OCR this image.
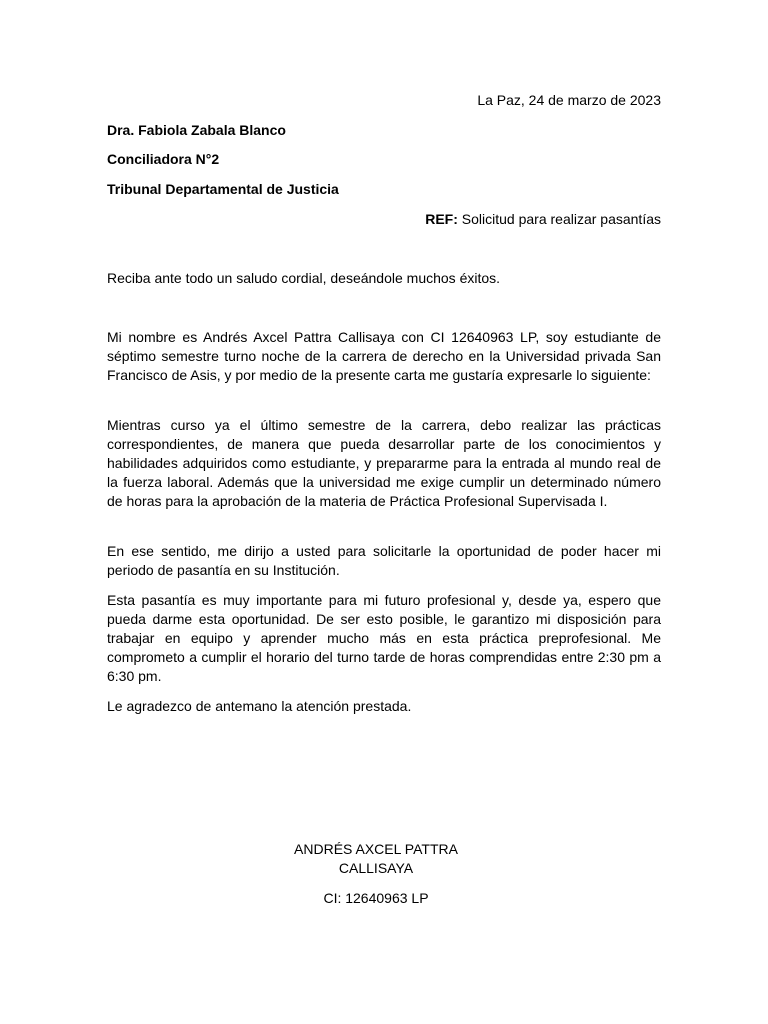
La Paz, 24 de marzo de 2023

Dra. Fabiola Zabala Blanco

Conciliadora N°2

Tribunal Departamental de Justicia

REF: Solicitud para realizar pasantías

Reciba ante todo un saludo cordial, deseándole muchos éxitos.

Mi nombre es Andrés Axcel Pattra Callisaya con CI 12640963 LP, soy estudiante de séptimo semestre turno noche de la carrera de derecho en la Universidad privada San Francisco de Asis, y por medio de la presente carta me gustaría expresarle lo siguiente:

Mientras curso ya el último semestre de la carrera, debo realizar las prácticas correspondientes, de manera que pueda desarrollar parte de los conocimientos y habilidades adquiridos como estudiante, y prepararme para la entrada al mundo real de la fuerza laboral. Además que la universidad me exige cumplir un determinado número de horas para la aprobación de la materia de Práctica Profesional Supervisada I.

En ese sentido, me dirijo a usted para solicitarle la oportunidad de poder hacer mi periodo de pasantía en su Institución.

Esta pasantía es muy importante para mi futuro profesional y, desde ya, espero que pueda darme esta oportunidad. De ser esto posible, le garantizo mi disposición para trabajar en equipo y aprender mucho más en esta práctica preprofesional. Me comprometo a cumplir el horario del turno tarde de horas comprendidas entre 2:30 pm a 6:30 pm.

Le agradezco de antemano la atención prestada.

ANDRÉS AXCEL PATTRA
CALLISAYA
CI: 12640963 LP
